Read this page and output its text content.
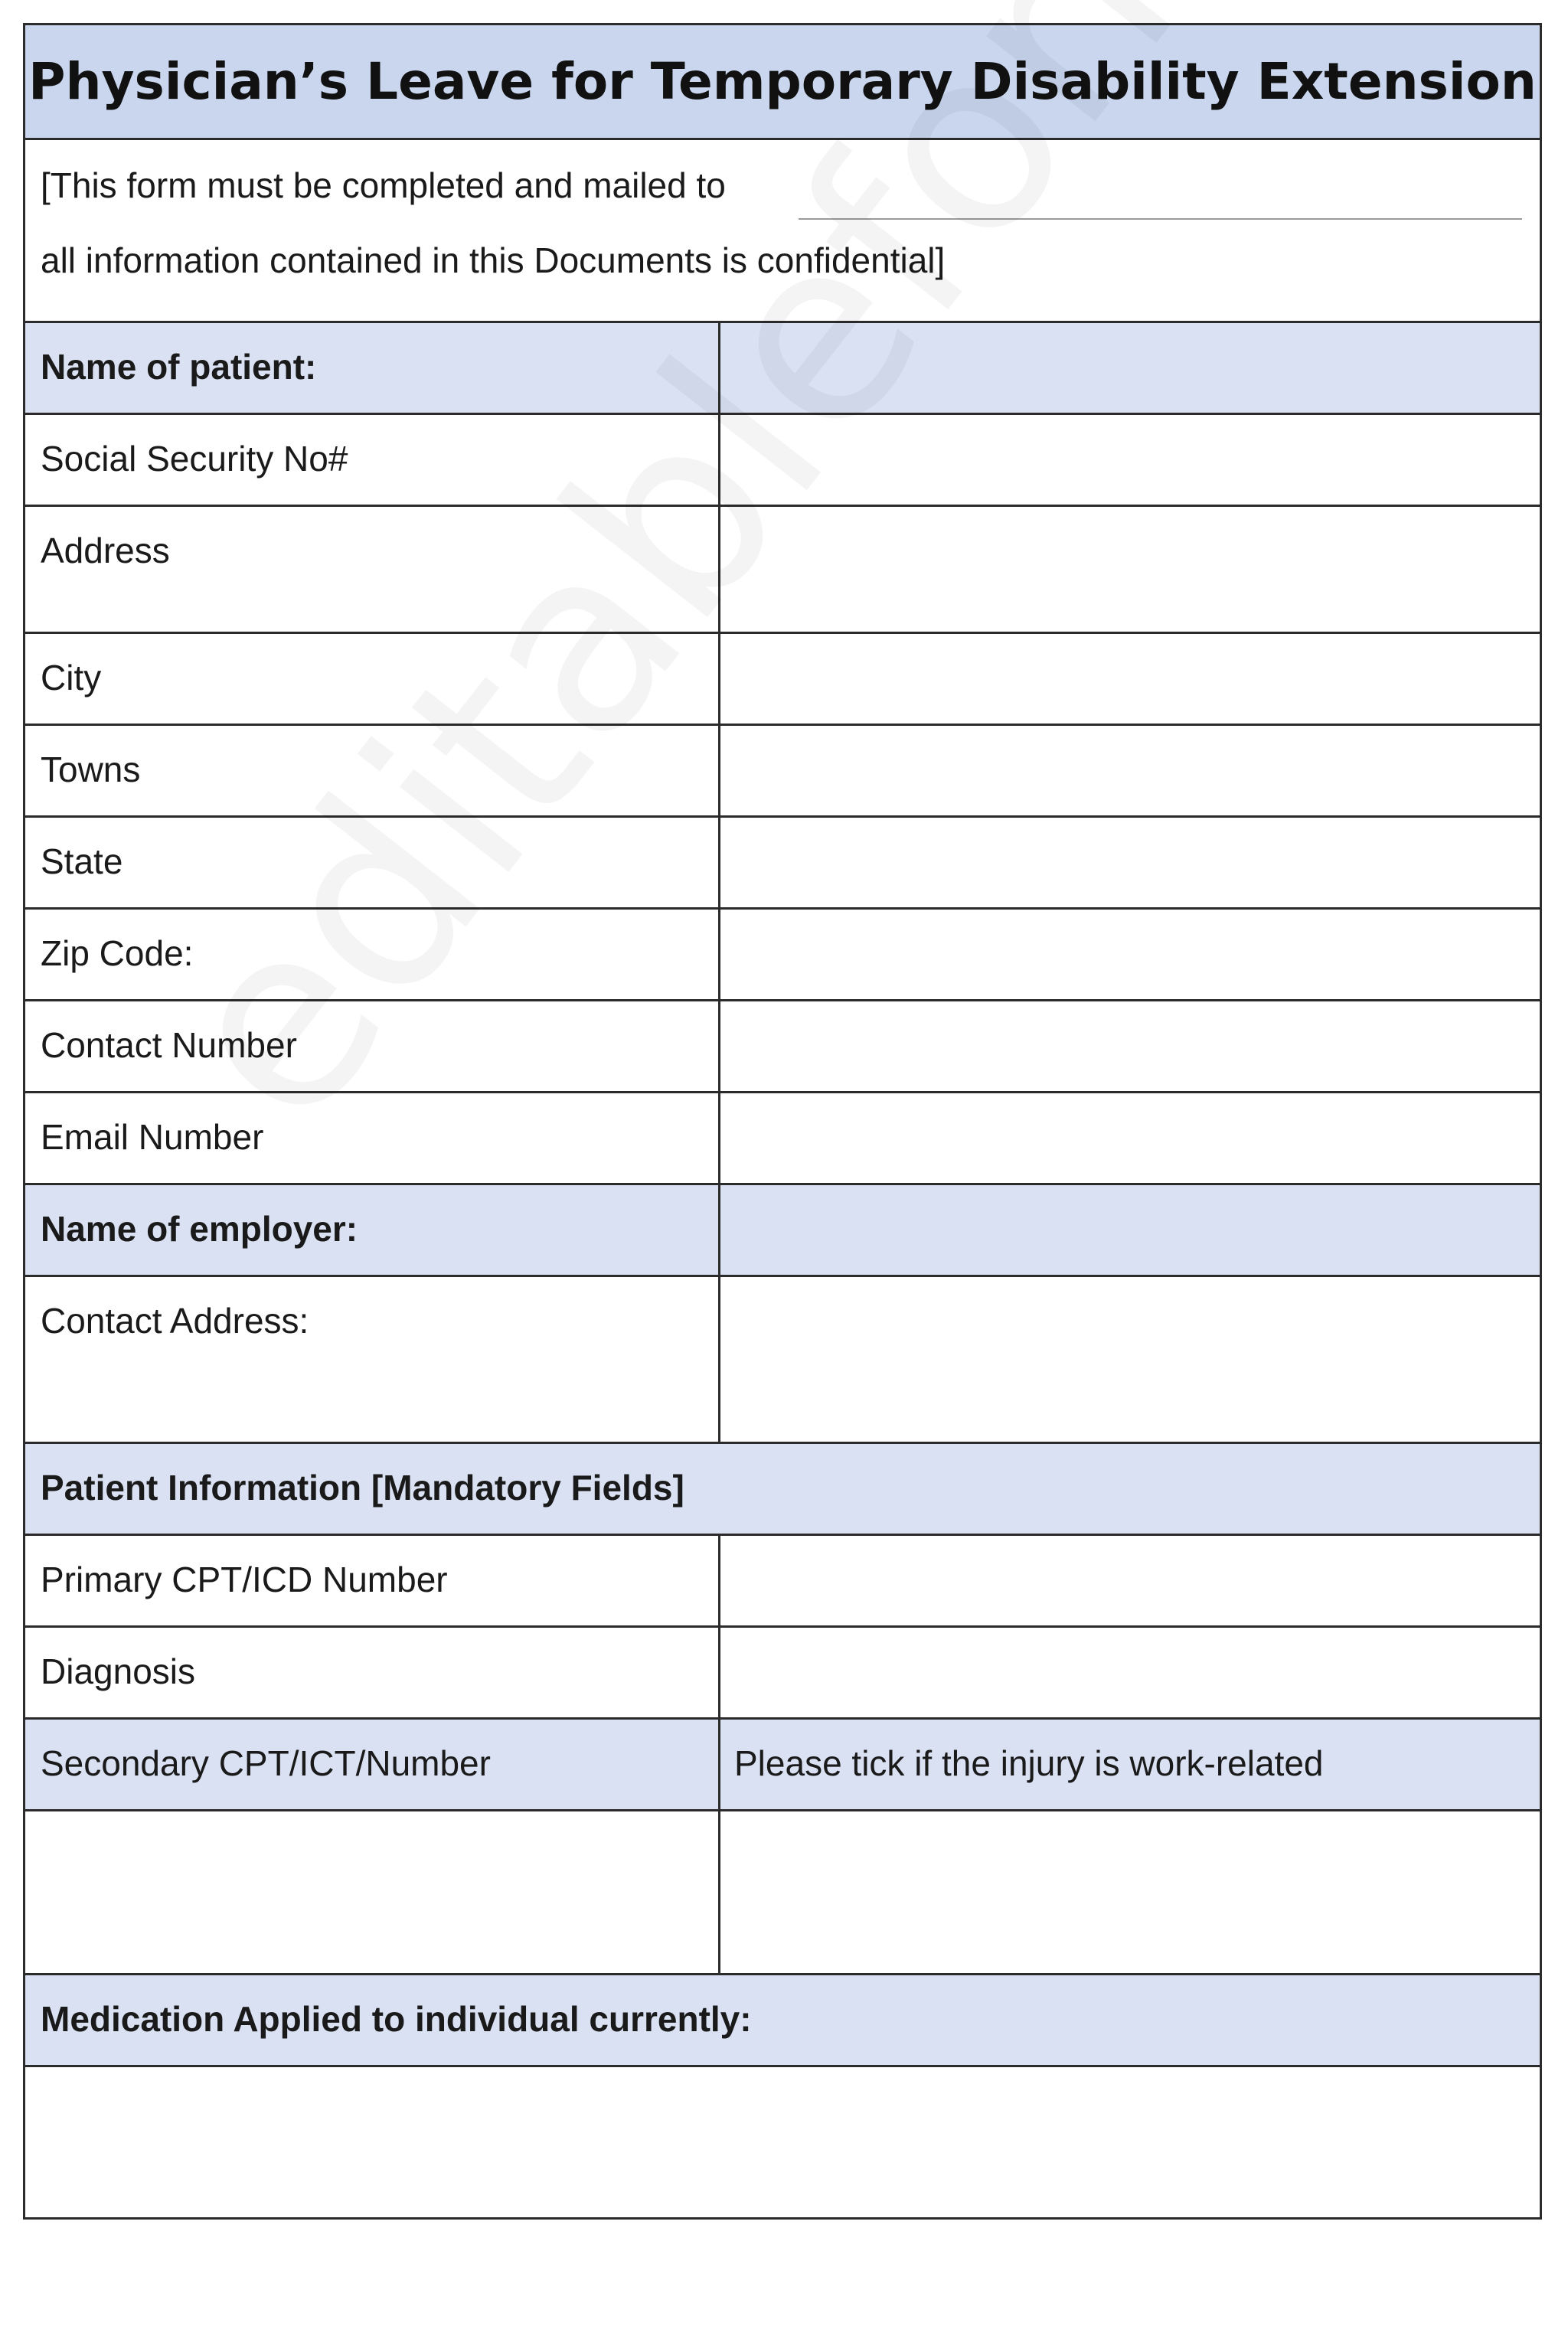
Physician’s Leave for Temporary Disability Extension
[This form must be completed and mailed to
all information contained in this Documents is confidential]
Name of patient:
Social Security No#
Address
City
Towns
State
Zip Code:
Contact Number
Email Number
Name of employer:
Contact Address:
Patient Information [Mandatory Fields]
Primary CPT/ICD Number
Diagnosis
Secondary CPT/ICT/Number	Please tick if the injury is work-related
Medication Applied to individual currently:
